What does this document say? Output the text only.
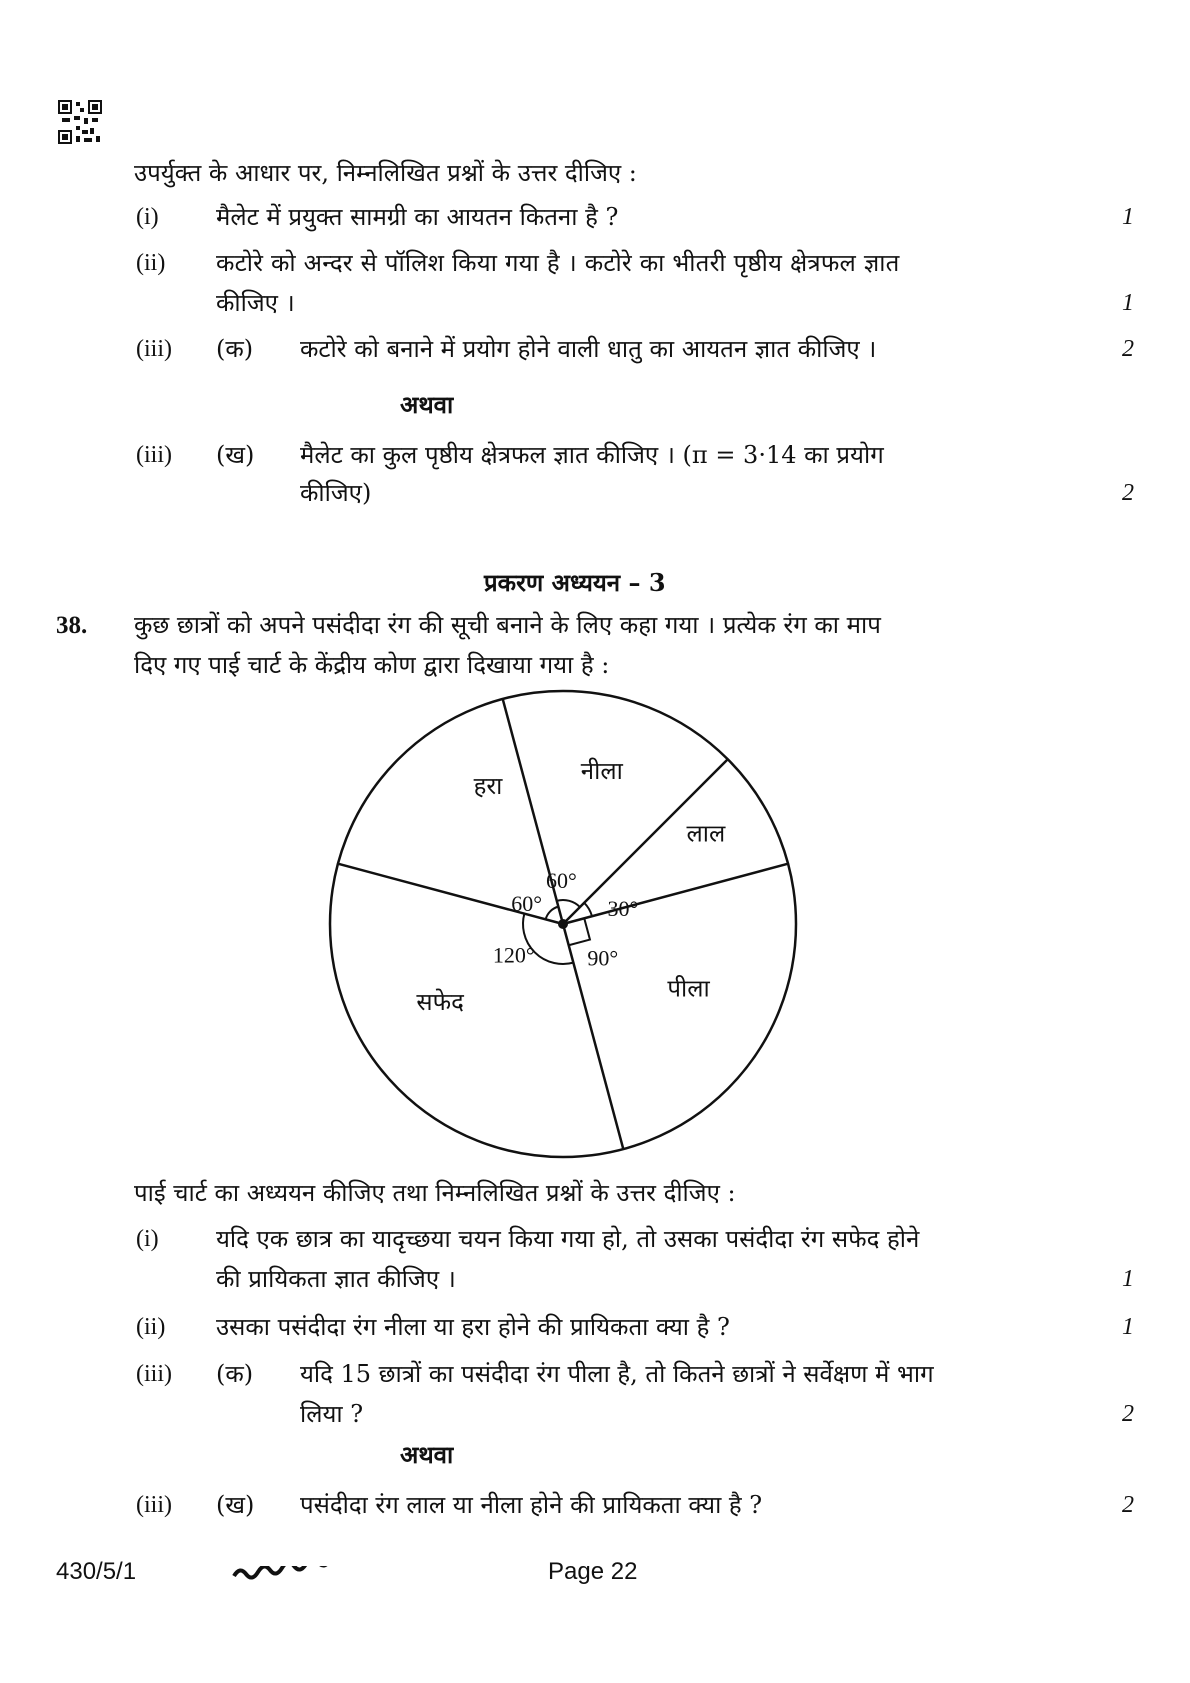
उपर्युक्त के आधार पर, निम्नलिखित प्रश्नों के उत्तर दीजिए :
(i) मैलेट में प्रयुक्त सामग्री का आयतन कितना है ?	1
(ii) कटोरे को अन्दर से पॉलिश किया गया है । कटोरे का भीतरी पृष्ठीय क्षेत्रफल ज्ञात
कीजिए ।	1
(iii) (क) कटोरे को बनाने में प्रयोग होने वाली धातु का आयतन ज्ञात कीजिए ।	2
अथवा
(iii) (ख) मैलेट का कुल पृष्ठीय क्षेत्रफल ज्ञात कीजिए । (π = 3·14 का प्रयोग
कीजिए)	2
प्रकरण अध्ययन – 3
38. कुछ छात्रों को अपने पसंदीदा रंग की सूची बनाने के लिए कहा गया । प्रत्येक रंग का माप
दिए गए पाई चार्ट के केंद्रीय कोण द्वारा दिखाया गया है :
हरा
60°
नीला
60°
लाल
30°
पीला
90°
सफेद
120°
पाई चार्ट का अध्ययन कीजिए तथा निम्नलिखित प्रश्नों के उत्तर दीजिए :
(i) यदि एक छात्र का यादृच्छया चयन किया गया हो, तो उसका पसंदीदा रंग सफेद होने
की प्रायिकता ज्ञात कीजिए ।	1
(ii) उसका पसंदीदा रंग नीला या हरा होने की प्रायिकता क्या है ?	1
(iii) (क) यदि 15 छात्रों का पसंदीदा रंग पीला है, तो कितने छात्रों ने सर्वेक्षण में भाग
लिया ?	2
अथवा
(iii) (ख) पसंदीदा रंग लाल या नीला होने की प्रायिकता क्या है ?	2
430/5/1	Page 22
